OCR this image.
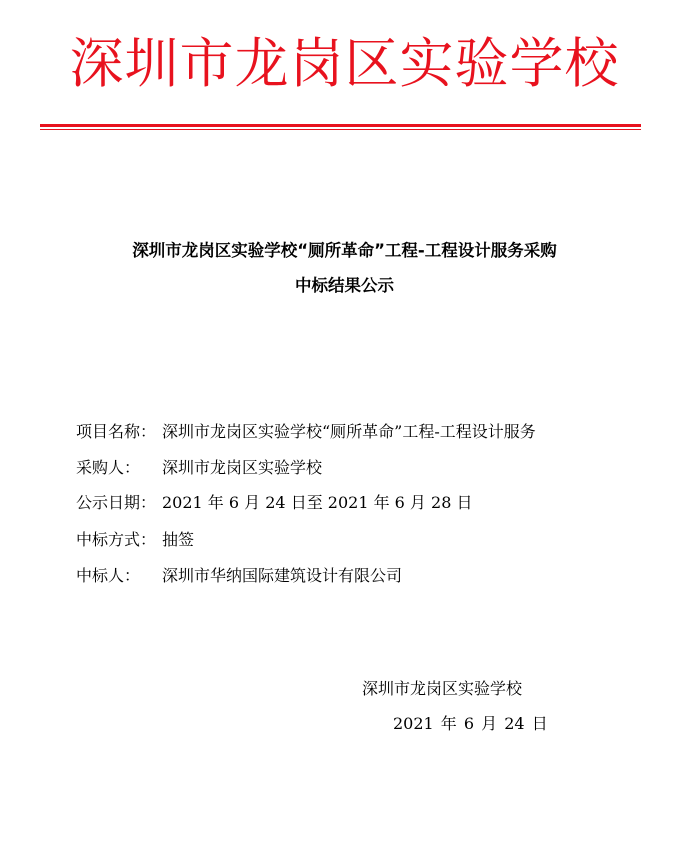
深圳市龙岗区实验学校
深圳市龙岗区实验学校“厕所革命”工程-工程设计服务采购
中标结果公示
项目名称： 深圳市龙岗区实验学校“厕所革命”工程-工程设计服务
采购人： 深圳市龙岗区实验学校
公示日期： 2021 年 6 月 24 日至 2021 年 6 月 28 日
中标方式： 抽签
中标人： 深圳市华纳国际建筑设计有限公司
深圳市龙岗区实验学校
2021 年 6 月 24 日
